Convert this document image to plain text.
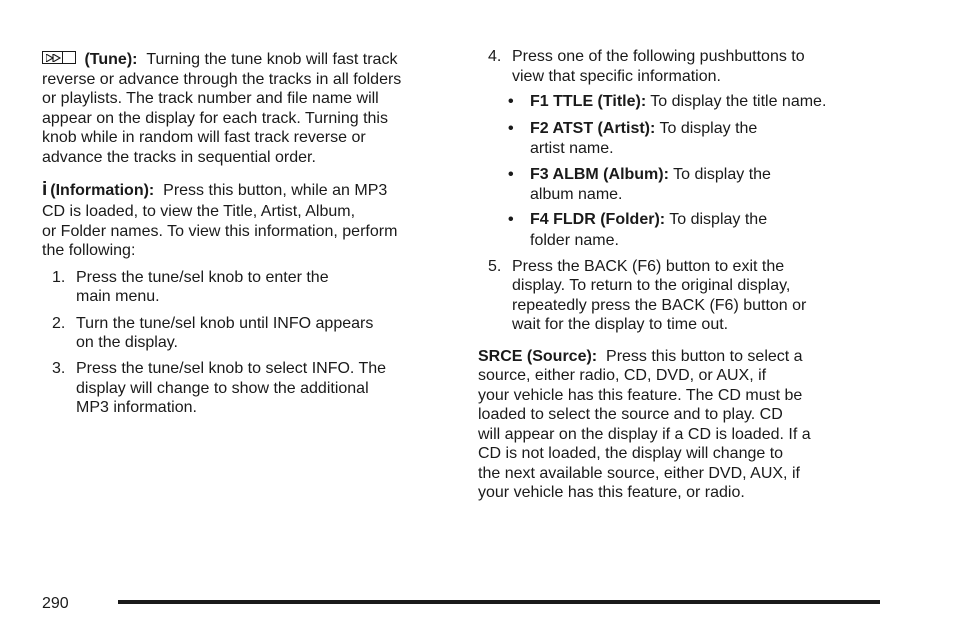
(Tune): Turning the tune knob will fast track
reverse or advance through the tracks in all folders
or playlists. The track number and file name will
appear on the display for each track. Turning this
knob while in random will fast track reverse or
advance the tracks in sequential order.
i (Information): Press this button, while an MP3
CD is loaded, to view the Title, Artist, Album,
or Folder names. To view this information, perform
the following:
1. Press the tune/sel knob to enter the
main menu.
2. Turn the tune/sel knob until INFO appears
on the display.
3. Press the tune/sel knob to select INFO. The
display will change to show the additional
MP3 information.
4. Press one of the following pushbuttons to
view that specific information.
• F1 TTLE (Title): To display the title name.
• F2 ATST (Artist): To display the
artist name.
• F3 ALBM (Album): To display the
album name.
• F4 FLDR (Folder): To display the
folder name.
5. Press the BACK (F6) button to exit the
display. To return to the original display,
repeatedly press the BACK (F6) button or
wait for the display to time out.
SRCE (Source): Press this button to select a
source, either radio, CD, DVD, or AUX, if
your vehicle has this feature. The CD must be
loaded to select the source and to play. CD
will appear on the display if a CD is loaded. If a
CD is not loaded, the display will change to
the next available source, either DVD, AUX, if
your vehicle has this feature, or radio.
290
